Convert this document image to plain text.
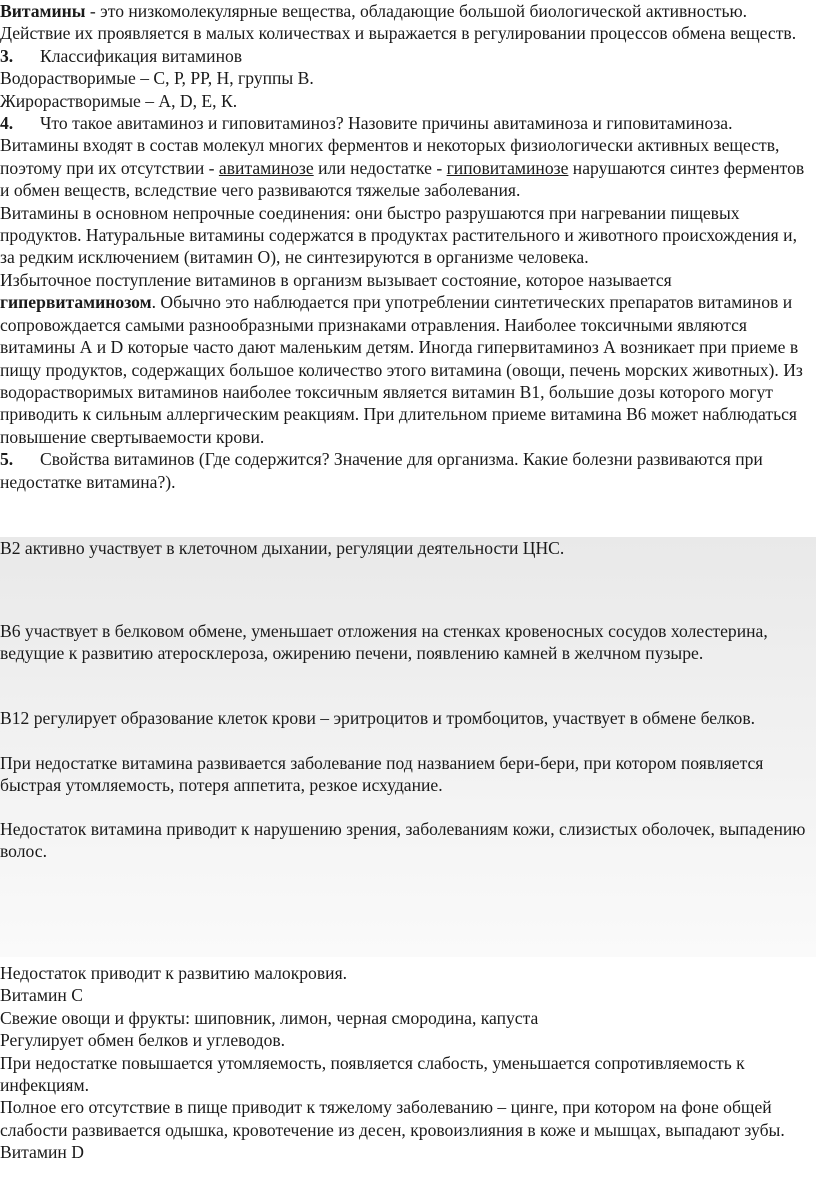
Витамины - это низкомолекулярные вещества, обладающие большой биологической активностью. Действие их проявляется в малых количествах и выражается в регулировании процессов обмена веществ.

3. Классификация витаминов

Водорастворимые – С, Р, РР, Н, группы В.

Жирорастворимые – А, D, Е, К.

4. Что такое авитаминоз и гиповитаминоз? Назовите причины авитаминоза и гиповитаминоза.

Витамины входят в состав молекул многих ферментов и некоторых физиологически активных веществ, поэтому при их отсутствии - авитаминозе или недостатке - гиповитаминозе нарушаются синтез ферментов и обмен веществ, вследствие чего развиваются тяжелые заболевания.

Витамины в основном непрочные соединения: они быстро разрушаются при нагревании пищевых продуктов. Натуральные витамины содержатся в продуктах растительного и животного происхождения и, за редким исключением (витамин О), не синтезируются в организме человека.

Избыточное поступление витаминов в организм вызывает состояние, которое называется гипервитаминозом. Обычно это наблюдается при употреблении синтетических препаратов витаминов и сопровождается самыми разнообразными признаками отравления. Наиболее токсичными являются витамины А и D которые часто дают маленьким детям. Иногда гипервитаминоз А возникает при приеме в пищу продуктов, содержащих большое количество этого витамина (овощи, печень морских животных). Из водорастворимых витаминов наиболее токсичным является витамин B1, большие дозы которого могут приводить к сильным аллергическим реакциям. При длительном приеме витамина В6 может наблюдаться повышение свертываемости крови.

5. Свойства витаминов (Где содержится? Значение для организма. Какие болезни развиваются при недостатке витамина?).

B2 активно участвует в клеточном дыхании, регуляции деятельности ЦНС.

B6 участвует в белковом обмене, уменьшает отложения на стенках кровеносных сосудов холестерина, ведущие к развитию атеросклероза, ожирению печени, появлению камней в желчном пузыре.

B12 регулирует образование клеток крови – эритроцитов и тромбоцитов, участвует в обмене белков.

При недостатке витамина развивается заболевание под названием бери-бери, при котором появляется быстрая утомляемость, потеря аппетита, резкое исхудание.

Недостаток витамина приводит к нарушению зрения, заболеваниям кожи, слизистых оболочек, выпадению волос.

Недостаток приводит к развитию малокровия.

Витамин С

Свежие овощи и фрукты: шиповник, лимон, черная смородина, капуста

Регулирует обмен белков и углеводов.

При недостатке повышается утомляемость, появляется слабость, уменьшается сопротивляемость к инфекциям.

Полное его отсутствие в пище приводит к тяжелому заболеванию – цинге, при котором на фоне общей слабости развивается одышка, кровотечение из десен, кровоизлияния в коже и мышцах, выпадают зубы.

Витамин D
